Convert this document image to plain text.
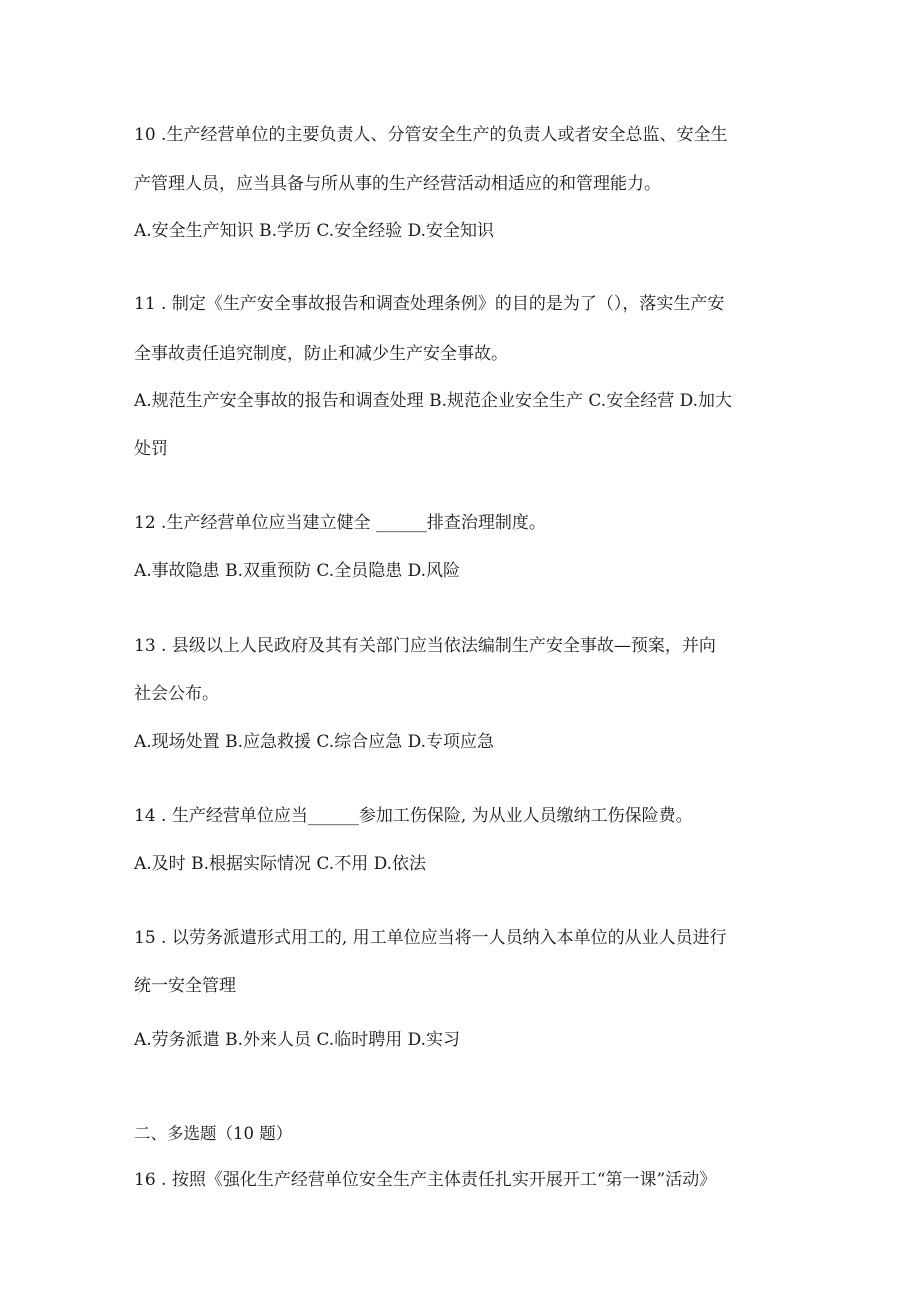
10 .生产经营单位的主要负责人、分管安全生产的负责人或者安全总监、安全生
产管理人员，应当具备与所从事的生产经营活动相适应的和管理能力。
A.安全生产知识 B.学历 C.安全经验 D.安全知识
11 . 制定《生产安全事故报告和调查处理条例》的目的是为了（），落实生产安
全事故责任追究制度，防止和减少生产安全事故。
A.规范生产安全事故的报告和调查处理 B.规范企业安全生产 C.安全经营 D.加大
处罚
12 .生产经营单位应当建立健全 ______排查治理制度。
A.事故隐患 B.双重预防 C.全员隐患 D.风险
13 . 县级以上人民政府及其有关部门应当依法编制生产安全事故—预案，并向
社会公布。
A.现场处置 B.应急救援 C.综合应急 D.专项应急
14 . 生产经营单位应当______参加工伤保险, 为从业人员缴纳工伤保险费。
A.及时 B.根据实际情况 C.不用 D.依法
15 . 以劳务派遣形式用工的, 用工单位应当将一人员纳入本单位的从业人员进行
统一安全管理
A.劳务派遣 B.外来人员 C.临时聘用 D.实习
二、多选题（10 题）
16 . 按照《强化生产经营单位安全生产主体责任扎实开展开工“第一课”活动》
